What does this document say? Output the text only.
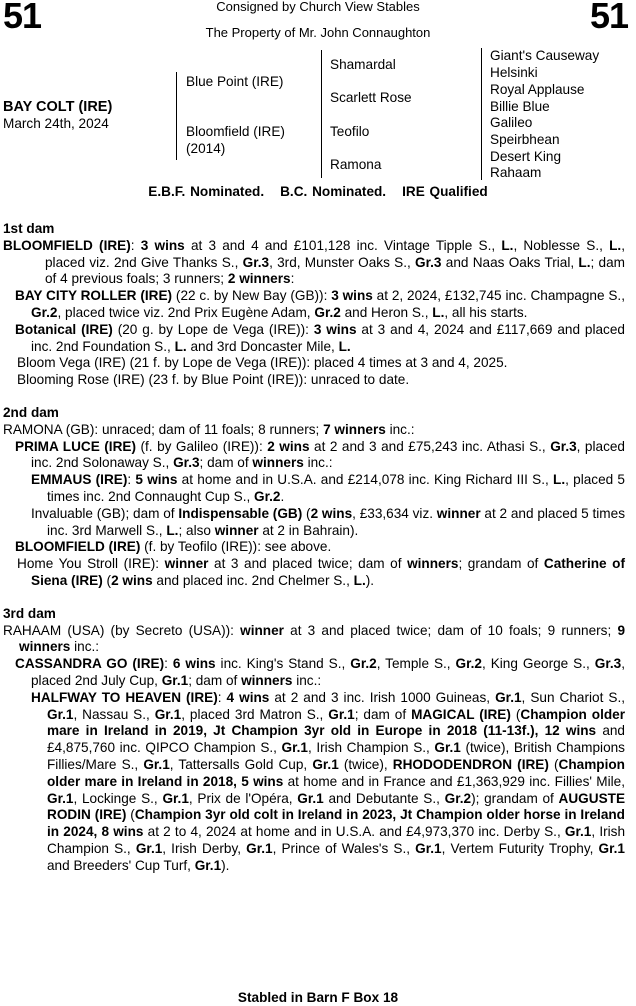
51	51
Consigned by Church View Stables
The Property of Mr. John Connaughton
BAY COLT (IRE)
March 24th, 2024
Blue Point (IRE)
Bloomfield (IRE)
(2014)
Shamardal
Scarlett Rose
Teofilo
Ramona
Giant's Causeway
Helsinki
Royal Applause
Billie Blue
Galileo
Speirbhean
Desert King
Rahaam
E.B.F. Nominated. B.C. Nominated. IRE Qualified
1st dam
BLOOMFIELD (IRE): 3 wins at 3 and 4 and £101,128 inc. Vintage Tipple S., L., Noblesse S., L., placed viz. 2nd Give Thanks S., Gr.3, 3rd, Munster Oaks S., Gr.3 and Naas Oaks Trial, L.; dam of 4 previous foals; 3 runners; 2 winners:
BAY CITY ROLLER (IRE) (22 c. by New Bay (GB)): 3 wins at 2, 2024, £132,745 inc. Champagne S., Gr.2, placed twice viz. 2nd Prix Eugène Adam, Gr.2 and Heron S., L., all his starts.
Botanical (IRE) (20 g. by Lope de Vega (IRE)): 3 wins at 3 and 4, 2024 and £117,669 and placed inc. 2nd Foundation S., L. and 3rd Doncaster Mile, L.
Bloom Vega (IRE) (21 f. by Lope de Vega (IRE)): placed 4 times at 3 and 4, 2025.
Blooming Rose (IRE) (23 f. by Blue Point (IRE)): unraced to date.
2nd dam
RAMONA (GB): unraced; dam of 11 foals; 8 runners; 7 winners inc.:
PRIMA LUCE (IRE) (f. by Galileo (IRE)): 2 wins at 2 and 3 and £75,243 inc. Athasi S., Gr.3, placed inc. 2nd Solonaway S., Gr.3; dam of winners inc.:
EMMAUS (IRE): 5 wins at home and in U.S.A. and £214,078 inc. King Richard III S., L., placed 5 times inc. 2nd Connaught Cup S., Gr.2.
Invaluable (GB); dam of Indispensable (GB) (2 wins, £33,634 viz. winner at 2 and placed 5 times inc. 3rd Marwell S., L.; also winner at 2 in Bahrain).
BLOOMFIELD (IRE) (f. by Teofilo (IRE)): see above.
Home You Stroll (IRE): winner at 3 and placed twice; dam of winners; grandam of Catherine of Siena (IRE) (2 wins and placed inc. 2nd Chelmer S., L.).
3rd dam
RAHAAM (USA) (by Secreto (USA)): winner at 3 and placed twice; dam of 10 foals; 9 runners; 9 winners inc.:
CASSANDRA GO (IRE): 6 wins inc. King's Stand S., Gr.2, Temple S., Gr.2, King George S., Gr.3, placed 2nd July Cup, Gr.1; dam of winners inc.:
HALFWAY TO HEAVEN (IRE): 4 wins at 2 and 3 inc. Irish 1000 Guineas, Gr.1, Sun Chariot S., Gr.1, Nassau S., Gr.1, placed 3rd Matron S., Gr.1; dam of MAGICAL (IRE) (Champion older mare in Ireland in 2019, Jt Champion 3yr old in Europe in 2018 (11-13f.), 12 wins and £4,875,760 inc. QIPCO Champion S., Gr.1, Irish Champion S., Gr.1 (twice), British Champions Fillies/Mare S., Gr.1, Tattersalls Gold Cup, Gr.1 (twice), RHODODENDRON (IRE) (Champion older mare in Ireland in 2018, 5 wins at home and in France and £1,363,929 inc. Fillies' Mile, Gr.1, Lockinge S., Gr.1, Prix de l'Opéra, Gr.1 and Debutante S., Gr.2); grandam of AUGUSTE RODIN (IRE) (Champion 3yr old colt in Ireland in 2023, Jt Champion older horse in Ireland in 2024, 8 wins at 2 to 4, 2024 at home and in U.S.A. and £4,973,370 inc. Derby S., Gr.1, Irish Champion S., Gr.1, Irish Derby, Gr.1, Prince of Wales's S., Gr.1, Vertem Futurity Trophy, Gr.1 and Breeders' Cup Turf, Gr.1).
Stabled in Barn F Box 18
